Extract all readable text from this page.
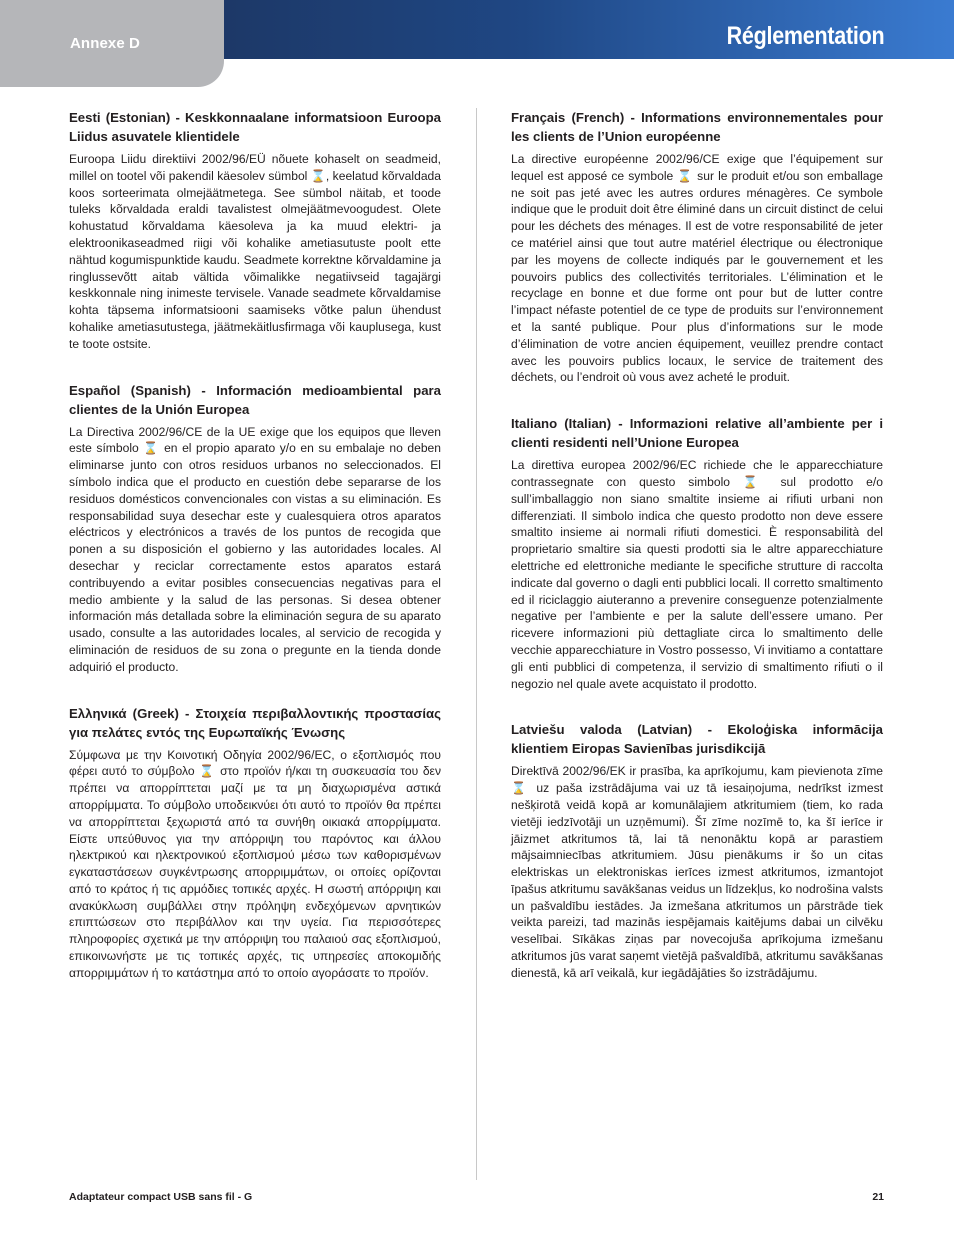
Annexe D	Réglementation
Eesti (Estonian) - Keskkonnaalane informatsioon Euroopa Liidus asuvatele klientidele

Euroopa Liidu direktiivi 2002/96/EÜ nõuete kohaselt on seadmeid, millel on tootel või pakendil käesolev sümbol ⌛, keelatud kõrvaldada koos sorteerimata olmejäätmetega. See sümbol näitab, et toode tuleks kõrvaldada eraldi tavalistest olmejäätmevoogudest. Olete kohustatud kõrvaldama käesoleva ja ka muud elektri- ja elektroonikaseadmed riigi või kohalike ametiasutuste poolt ette nähtud kogumispunktide kaudu. Seadmete korrektne kõrvaldamine ja ringlussevõtt aitab vältida võimalikke negatiivseid tagajärgi keskkonnale ning inimeste tervisele. Vanade seadmete kõrvaldamise kohta täpsema informatsiooni saamiseks võtke palun ühendust kohalike ametiasutustega, jäätmekäitlusfirmaga või kauplusega, kust te toote ostsite.

Español (Spanish) - Información medioambiental para clientes de la Unión Europea

La Directiva 2002/96/CE de la UE exige que los equipos que lleven este símbolo ⌛ en el propio aparato y/o en su embalaje no deben eliminarse junto con otros residuos urbanos no seleccionados. El símbolo indica que el producto en cuestión debe separarse de los residuos domésticos convencionales con vistas a su eliminación. Es responsabilidad suya desechar este y cualesquiera otros aparatos eléctricos y electrónicos a través de los puntos de recogida que ponen a su disposición el gobierno y las autoridades locales. Al desechar y reciclar correctamente estos aparatos estará contribuyendo a evitar posibles consecuencias negativas para el medio ambiente y la salud de las personas. Si desea obtener información más detallada sobre la eliminación segura de su aparato usado, consulte a las autoridades locales, al servicio de recogida y eliminación de residuos de su zona o pregunte en la tienda donde adquirió el producto.

Ελληνικά (Greek) - Στοιχεία περιβαλλοντικής προστασίας για πελάτες εντός της Ευρωπαϊκής Ένωσης

Σύμφωνα με την Κοινοτική Οδηγία 2002/96/EC, ο εξοπλισμός που φέρει αυτό το σύμβολο ⌛ στο προϊόν ή/και τη συσκευασία του δεν πρέπει να απορρίπτεται μαζί με τα μη διαχωρισμένα αστικά απορρίμματα. Το σύμβολο υποδεικνύει ότι αυτό το προϊόν θα πρέπει να απορρίπτεται ξεχωριστά από τα συνήθη οικιακά απορρίμματα. Είστε υπεύθυνος για την απόρριψη του παρόντος και άλλου ηλεκτρικού και ηλεκτρονικού εξοπλισμού μέσω των καθορισμένων εγκαταστάσεων συγκέντρωσης απορριμμάτων, οι οποίες ορίζονται από το κράτος ή τις αρμόδιες τοπικές αρχές. Η σωστή απόρριψη και ανακύκλωση συμβάλλει στην πρόληψη ενδεχόμενων αρνητικών επιπτώσεων στο περιβάλλον και την υγεία. Για περισσότερες πληροφορίες σχετικά με την απόρριψη του παλαιού σας εξοπλισμού, επικοινωνήστε με τις τοπικές αρχές, τις υπηρεσίες αποκομιδής απορριμμάτων ή το κατάστημα από το οποίο αγοράσατε το προϊόν.

Français (French) - Informations environnementales pour les clients de l’Union européenne

La directive européenne 2002/96/CE exige que l’équipement sur lequel est apposé ce symbole ⌛ sur le produit et/ou son emballage ne soit pas jeté avec les autres ordures ménagères. Ce symbole indique que le produit doit être éliminé dans un circuit distinct de celui pour les déchets des ménages. Il est de votre responsabilité de jeter ce matériel ainsi que tout autre matériel électrique ou électronique par les moyens de collecte indiqués par le gouvernement et les pouvoirs publics des collectivités territoriales. L’élimination et le recyclage en bonne et due forme ont pour but de lutter contre l’impact néfaste potentiel de ce type de produits sur l’environnement et la santé publique. Pour plus d’informations sur le mode d’élimination de votre ancien équipement, veuillez prendre contact avec les pouvoirs publics locaux, le service de traitement des déchets, ou l’endroit où vous avez acheté le produit.

Italiano (Italian) - Informazioni relative all’ambiente per i clienti residenti nell’Unione Europea

La direttiva europea 2002/96/EC richiede che le apparecchiature contrassegnate con questo simbolo ⌛ sul prodotto e/o sull’imballaggio non siano smaltite insieme ai rifiuti urbani non differenziati. Il simbolo indica che questo prodotto non deve essere smaltito insieme ai normali rifiuti domestici. È responsabilità del proprietario smaltire sia questi prodotti sia le altre apparecchiature elettriche ed elettroniche mediante le specifiche strutture di raccolta indicate dal governo o dagli enti pubblici locali. Il corretto smaltimento ed il riciclaggio aiuteranno a prevenire conseguenze potenzialmente negative per l’ambiente e per la salute dell’essere umano. Per ricevere informazioni più dettagliate circa lo smaltimento delle vecchie apparecchiature in Vostro possesso, Vi invitiamo a contattare gli enti pubblici di competenza, il servizio di smaltimento rifiuti o il negozio nel quale avete acquistato il prodotto.

Latviešu valoda (Latvian) - Ekoloģiska informācija klientiem Eiropas Savienības jurisdikcijā

Direktīvā 2002/96/EK ir prasība, ka aprīkojumu, kam pievienota zīme ⌛ uz paša izstrādājuma vai uz tā iesaiņojuma, nedrīkst izmest nešķirotā veidā kopā ar komunālajiem atkritumiem (tiem, ko rada vietēji iedzīvotāji un uzņēmumi). Šī zīme nozīmē to, ka šī ierīce ir jāizmet atkritumos tā, lai tā nenonāktu kopā ar parastiem mājsaimniecības atkritumiem. Jūsu pienākums ir šo un citas elektriskas un elektroniskas ierīces izmest atkritumos, izmantojot īpašus atkritumu savākšanas veidus un līdzekļus, ko nodrošina valsts un pašvaldību iestādes. Ja izmešana atkritumos un pārstrāde tiek veikta pareizi, tad mazinās iespējamais kaitējums dabai un cilvēku veselībai. Sīkākas ziņas par novecojuša aprīkojuma izmešanu atkritumos jūs varat saņemt vietējā pašvaldībā, atkritumu savākšanas dienestā, kā arī veikalā, kur iegādājāties šo izstrādājumu.

Adaptateur compact USB sans fil - G	21
